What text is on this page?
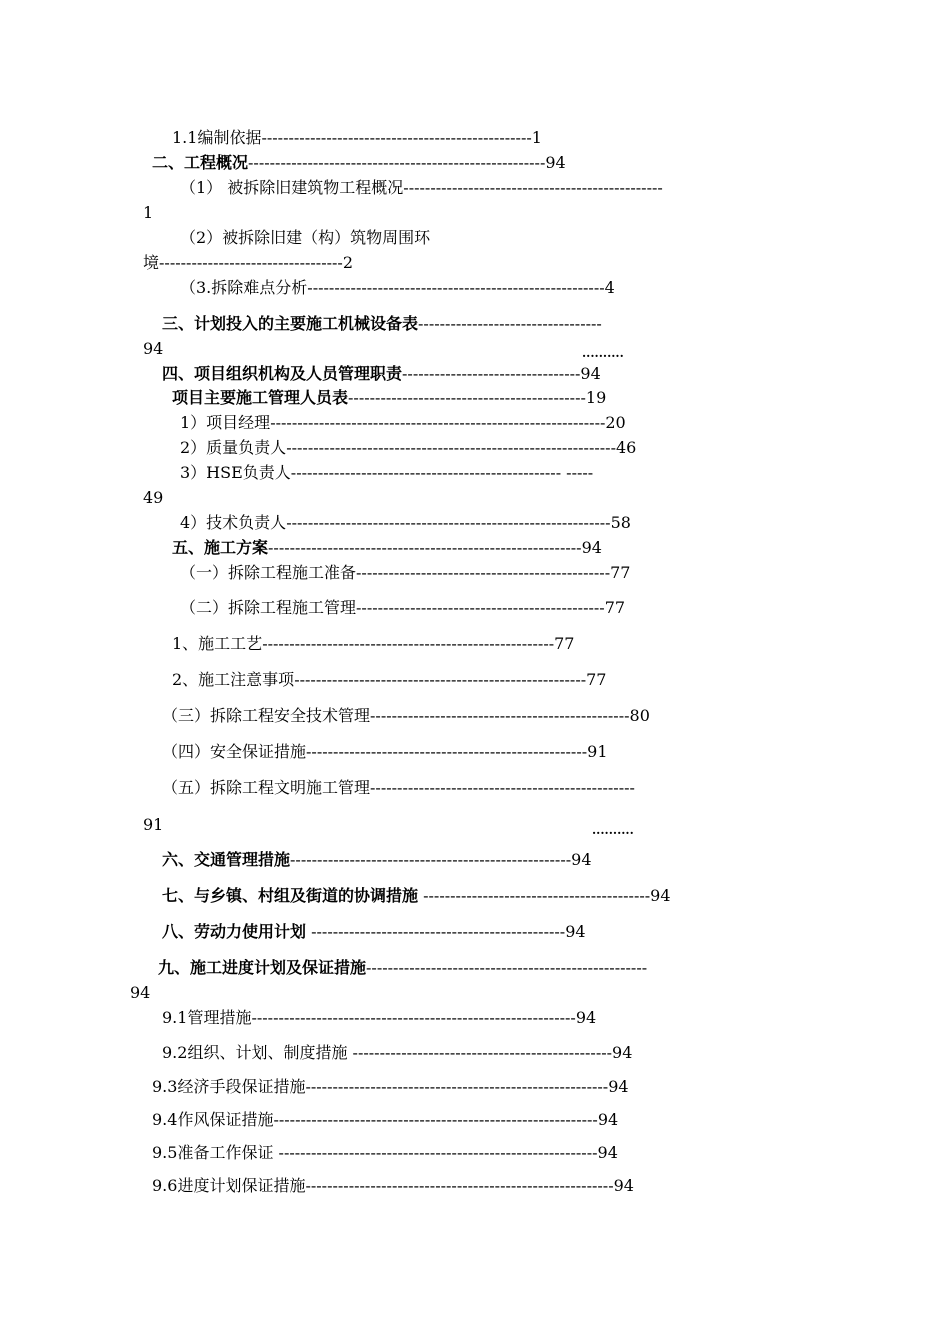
1.1编制依据--------------------------------------------------1
二、工程概况-------------------------------------------------------94
（1） 被拆除旧建筑物工程概况------------------------------------------------
1
（2）被拆除旧建（构）筑物周围环
境----------------------------------2
（3.拆除难点分析-------------------------------------------------------4
三、计划投入的主要施工机械设备表----------------------------------
94	..........
四、项目组织机构及人员管理职责---------------------------------94
项目主要施工管理人员表--------------------------------------------19
1）项目经理--------------------------------------------------------------20
2）质量负责人-------------------------------------------------------------46
3）HSE负责人-------------------------------------------------- -----
49
4）技术负责人------------------------------------------------------------58
五、施工方案----------------------------------------------------------94
（一）拆除工程施工准备-----------------------------------------------77
（二）拆除工程施工管理----------------------------------------------77
1、施工工艺------------------------------------------------------77
2、施工注意事项------------------------------------------------------77
（三）拆除工程安全技术管理------------------------------------------------80
（四）安全保证措施----------------------------------------------------91
（五）拆除工程文明施工管理-------------------------------------------------
91	..........
六、交通管理措施----------------------------------------------------94
七、与乡镇、村组及街道的协调措施 ------------------------------------------94
八、劳动力使用计划 -----------------------------------------------94
九、施工进度计划及保证措施----------------------------------------------------
94
9.1管理措施------------------------------------------------------------94
9.2组织、计划、制度措施 ------------------------------------------------94
9.3经济手段保证措施--------------------------------------------------------94
9.4作风保证措施------------------------------------------------------------94
9.5准备工作保证 -----------------------------------------------------------94
9.6进度计划保证措施---------------------------------------------------------94
